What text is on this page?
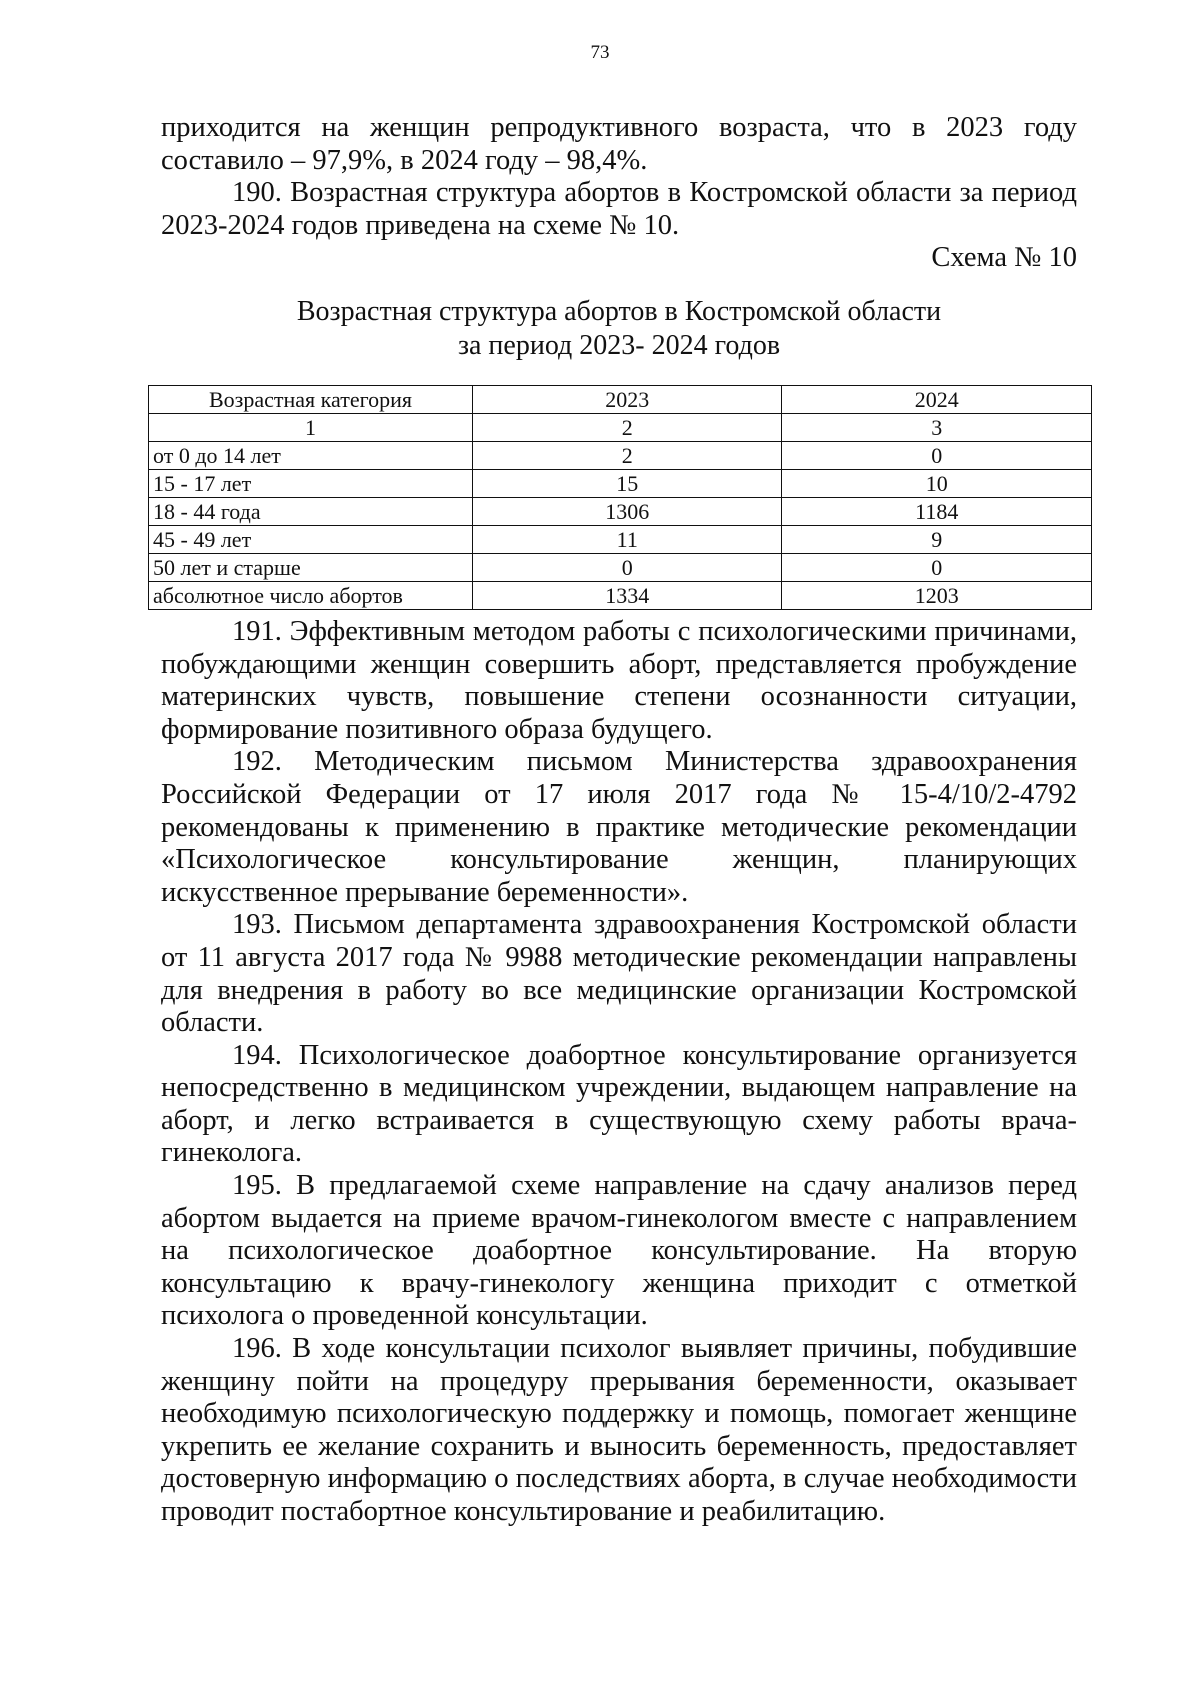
73

приходится на женщин репродуктивного возраста, что в 2023 году составило – 97,9%, в 2024 году – 98,4%.

190. Возрастная структура абортов в Костромской области за период 2023-2024 годов приведена на схеме № 10.

Схема № 10

Возрастная структура абортов в Костромской области
за период 2023- 2024 годов

Возрастная категория	2023	2024
1	2	3
от 0 до 14 лет	2	0
15 - 17 лет	15	10
18 - 44 года	1306	1184
45 - 49 лет	11	9
50 лет и старше	0	0
абсолютное число абортов	1334	1203

191. Эффективным методом работы с психологическими причинами, побуждающими женщин совершить аборт, представляется пробуждение материнских чувств, повышение степени осознанности ситуации, формирование позитивного образа будущего.

192. Методическим письмом Министерства здравоохранения Российской Федерации от 17 июля 2017 года № 15-4/10/2-4792 рекомендованы к применению в практике методические рекомендации «Психологическое консультирование женщин, планирующих искусственное прерывание беременности».

193. Письмом департамента здравоохранения Костромской области от 11 августа 2017 года № 9988 методические рекомендации направлены для внедрения в работу во все медицинские организации Костромской области.

194. Психологическое доабортное консультирование организуется непосредственно в медицинском учреждении, выдающем направление на аборт, и легко встраивается в существующую схему работы врача-гинеколога.

195. В предлагаемой схеме направление на сдачу анализов перед абортом выдается на приеме врачом-гинекологом вместе с направлением на психологическое доабортное консультирование. На вторую консультацию к врачу-гинекологу женщина приходит с отметкой психолога о проведенной консультации.

196. В ходе консультации психолог выявляет причины, побудившие женщину пойти на процедуру прерывания беременности, оказывает необходимую психологическую поддержку и помощь, помогает женщине укрепить ее желание сохранить и выносить беременность, предоставляет достоверную информацию о последствиях аборта, в случае необходимости проводит постабортное консультирование и реабилитацию.
